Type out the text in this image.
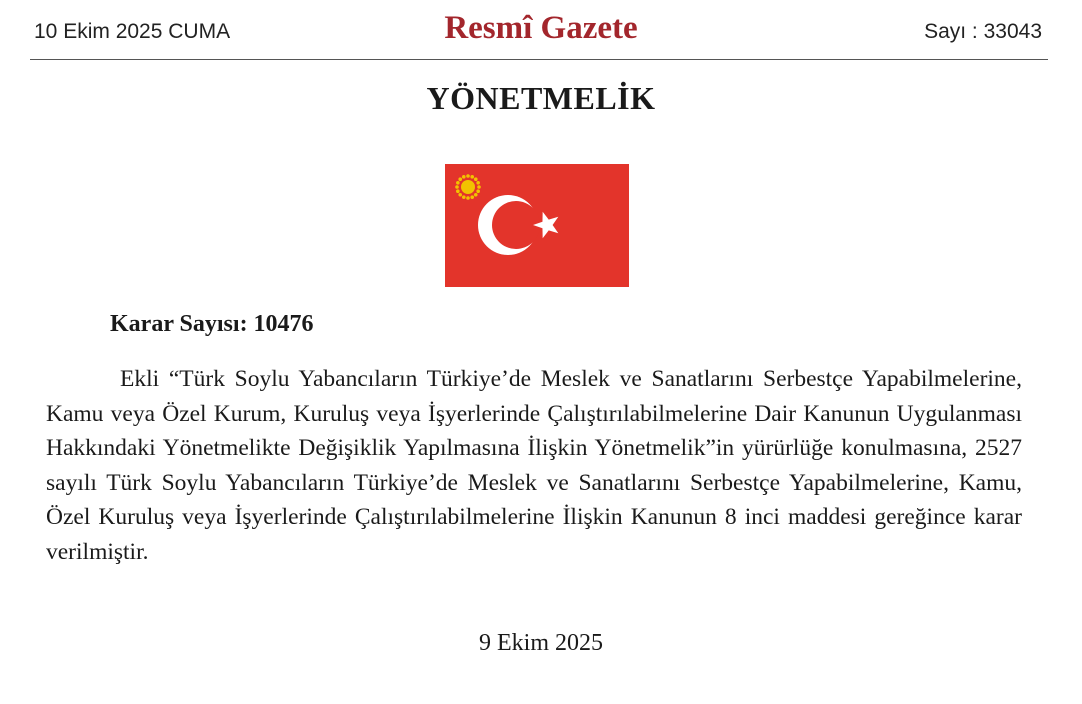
10 Ekim 2025 CUMA	Resmî Gazete	Sayı : 33043
YÖNETMELİK
Karar Sayısı: 10476

Ekli “Türk Soylu Yabancıların Türkiye’de Meslek ve Sanatlarını Serbestçe Yapabilmelerine, Kamu veya Özel Kurum, Kuruluş veya İşyerlerinde Çalıştırılabilmelerine Dair Kanunun Uygulanması Hakkındaki Yönetmelikte Değişiklik Yapılmasına İlişkin Yönetmelik”in yürürlüğe konulmasına, 2527 sayılı Türk Soylu Yabancıların Türkiye’de Meslek ve Sanatlarını Serbestçe Yapabilmelerine, Kamu, Özel Kuruluş veya İşyerlerinde Çalıştırılabilmelerine İlişkin Kanunun 8 inci maddesi gereğince karar verilmiştir.

9 Ekim 2025
